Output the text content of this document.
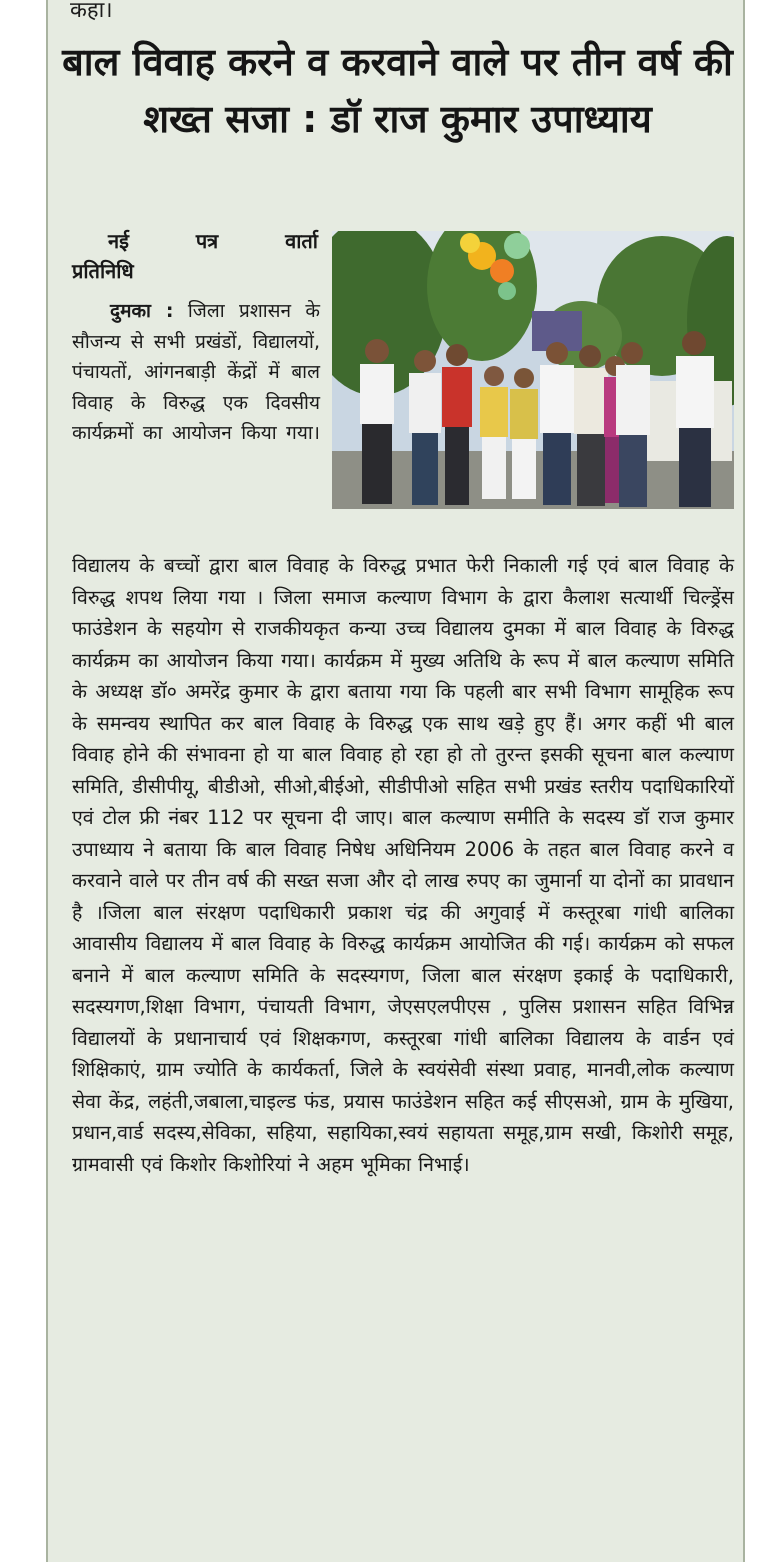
कहा।
बाल विवाह करने व करवाने वाले पर तीन वर्ष की शख्त सजा : डॉ राज कुमार उपाध्याय
नई	पत्र	वार्ता
प्रतिनिधि

दुमका : जिला प्रशासन के सौजन्य से सभी प्रखंडों, विद्यालयों, पंचायतों, आंगनबाड़ी केंद्रों में बाल विवाह के विरुद्ध एक दिवसीय कार्यक्रमों का आयोजन किया गया।

विद्यालय के बच्चों द्वारा बाल विवाह के विरुद्ध प्रभात फेरी निकाली गई एवं बाल विवाह के विरुद्ध शपथ लिया गया । जिला समाज कल्याण विभाग के द्वारा कैलाश सत्यार्थी चिल्ड्रेंस फाउंडेशन के सहयोग से राजकीयकृत कन्या उच्च विद्यालय दुमका में बाल विवाह के विरुद्ध कार्यक्रम का आयोजन किया गया। कार्यक्रम में मुख्य अतिथि के रूप में बाल कल्याण समिति के अध्यक्ष डॉ० अमरेंद्र कुमार के द्वारा बताया गया कि पहली बार सभी विभाग सामूहिक रूप के समन्वय स्थापित कर बाल विवाह के विरुद्ध एक साथ खड़े हुए हैं। अगर कहीं भी बाल विवाह होने की संभावना हो या बाल विवाह हो रहा हो तो तुरन्त इसकी सूचना बाल कल्याण समिति, डीसीपीयू, बीडीओ, सीओ,बीईओ, सीडीपीओ सहित सभी प्रखंड स्तरीय पदाधिकारियों एवं टोल फ्री नंबर 112 पर सूचना दी जाए। बाल कल्याण समीति के सदस्य डॉ राज कुमार उपाध्याय ने बताया कि बाल विवाह निषेध अधिनियम 2006 के तहत बाल विवाह करने व करवाने वाले पर तीन वर्ष की सख्त सजा और दो लाख रुपए का जुमार्ना या दोनों का प्रावधान है ।जिला बाल संरक्षण पदाधिकारी प्रकाश चंद्र की अगुवाई में कस्तूरबा गांधी बालिका आवासीय विद्यालय में बाल विवाह के विरुद्ध कार्यक्रम आयोजित की गई। कार्यक्रम को सफल बनाने में बाल कल्याण समिति के सदस्यगण, जिला बाल संरक्षण इकाई के पदाधिकारी, सदस्यगण,शिक्षा विभाग, पंचायती विभाग, जेएसएलपीएस , पुलिस प्रशासन सहित विभिन्न विद्यालयों के प्रधानाचार्य एवं शिक्षकगण, कस्तूरबा गांधी बालिका विद्यालय के वार्डन एवं शिक्षिकाएं, ग्राम ज्योति के कार्यकर्ता, जिले के स्वयंसेवी संस्था प्रवाह, मानवी,लोक कल्याण सेवा केंद्र, लहंती,जबाला,चाइल्ड फंड, प्रयास फाउंडेशन सहित कई सीएसओ, ग्राम के मुखिया, प्रधान,वार्ड सदस्य,सेविका, सहिया, सहायिका,स्वयं सहायता समूह,ग्राम सखी, किशोरी समूह, ग्रामवासी एवं किशोर किशोरियां ने अहम भूमिका निभाई।
